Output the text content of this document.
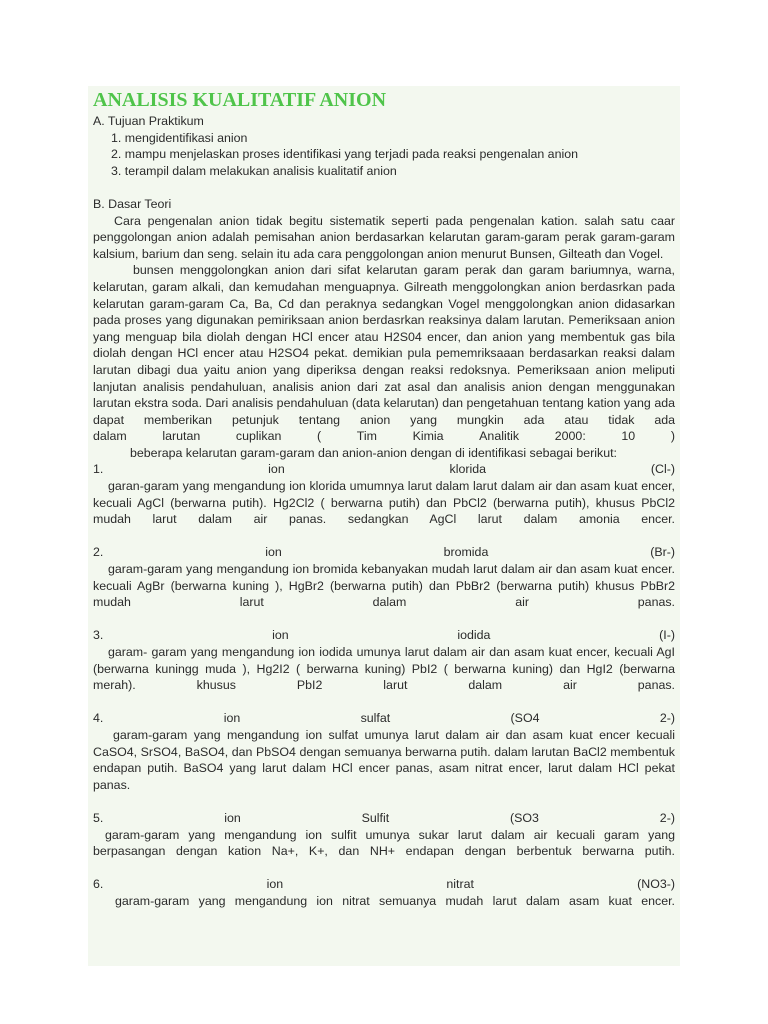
ANALISIS KUALITATIF ANION
A. Tujuan Praktikum
1. mengidentifikasi anion
2. mampu menjelaskan proses identifikasi yang terjadi pada reaksi pengenalan anion
3. terampil dalam melakukan analisis kualitatif anion
B. Dasar Teori

Cara pengenalan anion tidak begitu sistematik seperti pada pengenalan kation. salah satu caar penggolongan anion adalah pemisahan anion berdasarkan kelarutan garam-garam perak garam-garam kalsium, barium dan seng. selain itu ada cara penggolongan anion menurut Bunsen, Gilteath dan Vogel.

bunsen menggolongkan anion dari sifat kelarutan garam perak dan garam bariumnya, warna, kelarutan, garam alkali, dan kemudahan menguapnya. Gilreath menggolongkan anion berdasrkan pada kelarutan garam-garam Ca, Ba, Cd dan peraknya sedangkan Vogel menggolongkan anion didasarkan pada proses yang digunakan pemiriksaan anion berdasrkan reaksinya dalam larutan. Pemeriksaan anion yang menguap bila diolah dengan HCl encer atau H2S04 encer, dan anion yang membentuk gas bila diolah dengan HCl encer atau H2SO4 pekat. demikian pula pememriksaaan berdasarkan reaksi dalam larutan dibagi dua yaitu anion yang diperiksa dengan reaksi redoksnya. Pemeriksaan anion meliputi lanjutan analisis pendahuluan, analisis anion dari zat asal dan analisis anion dengan menggunakan larutan ekstra soda. Dari analisis pendahuluan (data kelarutan) dan pengetahuan tentang kation yang ada dapat memberikan petunjuk tentang anion yang mungkin ada atau tidak ada

dalam	larutan	cuplikan	(	Tim	Kimia	Analitik	2000:	10	)
beberapa kelarutan garam-garam dan anion-anion dengan di identifikasi sebagai berikut:
1.	ion	klorida	(Cl-)

garan-garam yang mengandung ion klorida umumnya larut dalam larut dalam air dan asam kuat encer, kecuali AgCl (berwarna putih). Hg2Cl2 ( berwarna putih) dan PbCl2 (berwarna putih), khusus PbCl2 mudah larut dalam air panas. sedangkan AgCl larut dalam amonia encer.

2.	ion	bromida	(Br-)

garam-garam yang mengandung ion bromida kebanyakan mudah larut dalam air dan asam kuat encer. kecuali AgBr (berwarna kuning ), HgBr2 (berwarna putih) dan PbBr2 (berwarna putih) khusus PbBr2 mudah larut dalam air panas.

3.	ion	iodida	(I-)

garam- garam yang mengandung ion iodida umunya larut dalam air dan asam kuat encer, kecuali AgI (berwarna kuningg muda ), Hg2I2 ( berwarna kuning) PbI2 ( berwarna kuning) dan HgI2 (berwarna merah). khusus PbI2 larut dalam air panas.

4.	ion	sulfat	(SO4	2-)

garam-garam yang mengandung ion sulfat umunya larut dalam air dan asam kuat encer kecuali CaSO4, SrSO4, BaSO4, dan PbSO4 dengan semuanya berwarna putih. dalam larutan BaCl2 membentuk endapan putih. BaSO4 yang larut dalam HCl encer panas, asam nitrat encer, larut dalam HCl pekat panas.

5.	ion	Sulfit	(SO3	2-)

garam-garam yang mengandung ion sulfit umunya sukar larut dalam air kecuali garam yang berpasangan dengan kation Na+, K+, dan NH+ endapan dengan berbentuk berwarna putih.

6.	ion	nitrat	(NO3-)

garam-garam yang mengandung ion nitrat semuanya mudah larut dalam asam kuat encer.
